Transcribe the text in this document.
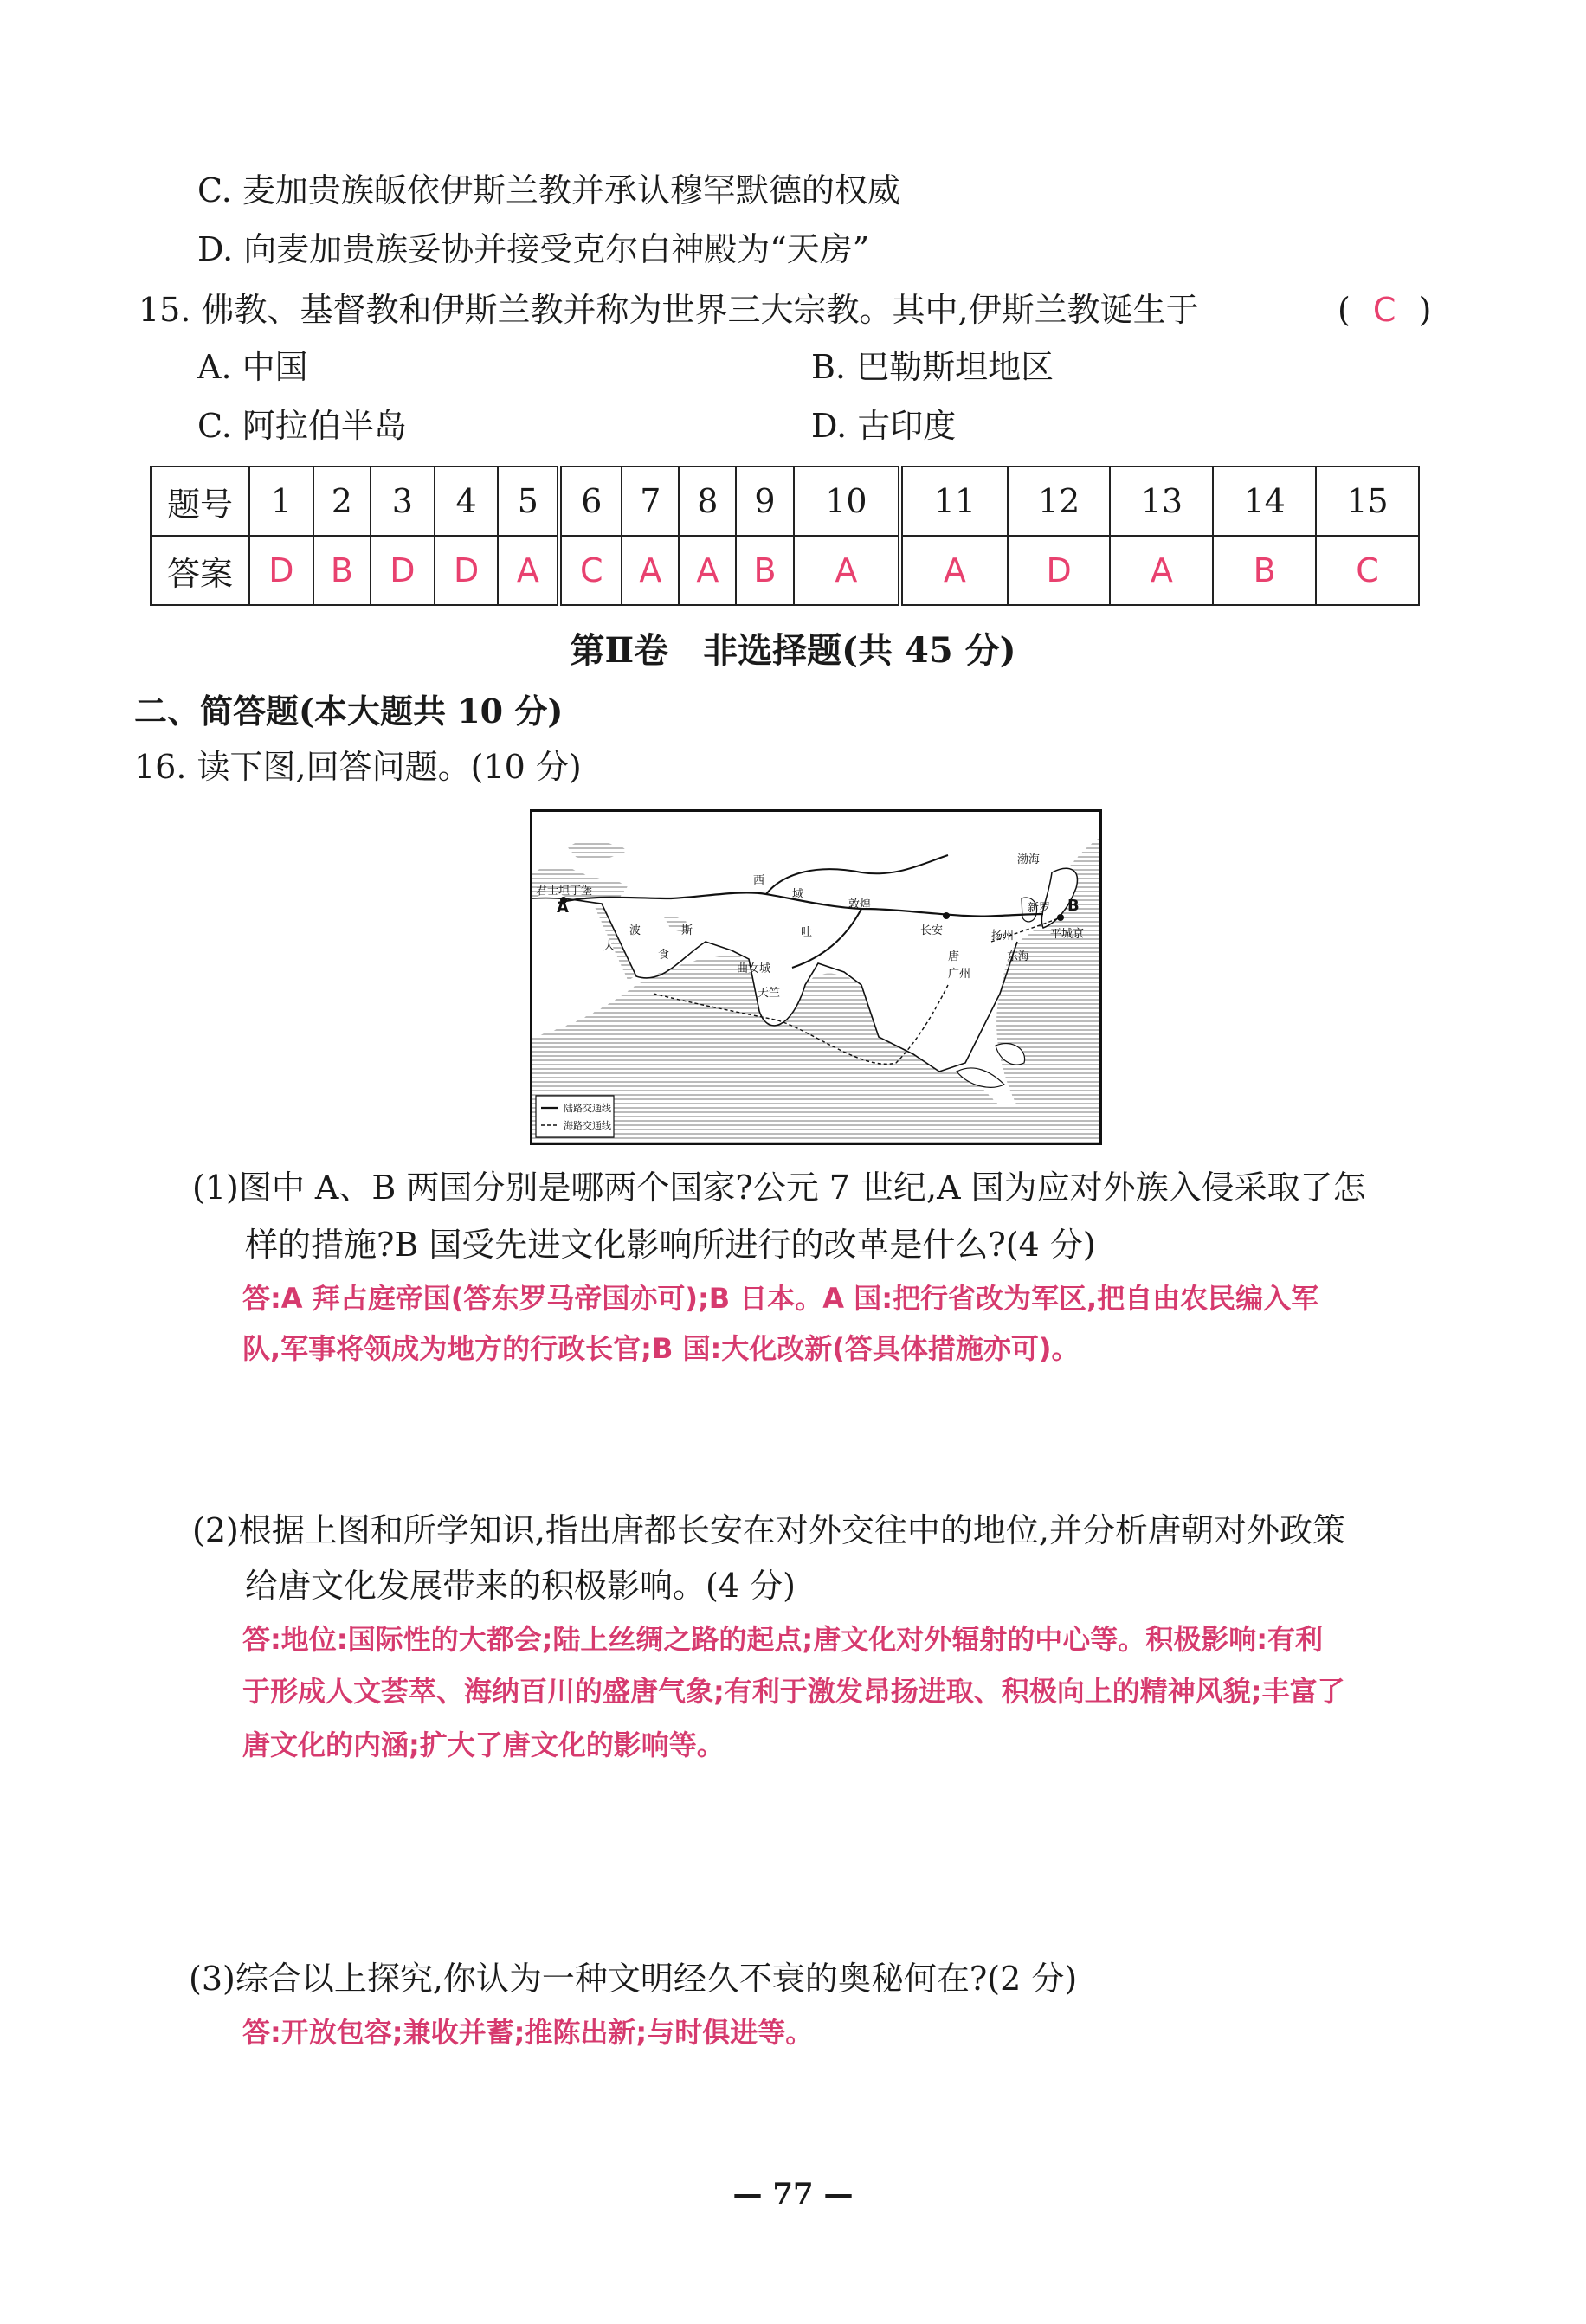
C. 麦加贵族皈依伊斯兰教并承认穆罕默德的权威
D. 向麦加贵族妥协并接受克尔白神殿为“天房”
15. 佛教、基督教和伊斯兰教并称为世界三大宗教。其中,伊斯兰教诞生于	( C )
A. 中国	B. 巴勒斯坦地区
C. 阿拉伯半岛	D. 古印度
题号	1	2	3	4	5	6	7	8	9	10	11	12	13	14	15
答案	D	B	D	D	A	C	A	A	B	A	A	D	A	B	C
第Ⅱ卷　非选择题(共 45 分)
二、简答题(本大题共 10 分)
16. 读下图,回答问题。(10 分)
君士坦丁堡
A	B
西
域
波	斯
大
食
敦煌
吐
曲女城
天竺
长安
唐
扬州
广州
新罗
平城京
渤海
东海
陆路交通线
海路交通线
(1)图中 A、B 两国分别是哪两个国家?公元 7 世纪,A 国为应对外族入侵采取了怎
样的措施?B 国受先进文化影响所进行的改革是什么?(4 分)
答:A 拜占庭帝国(答东罗马帝国亦可);B 日本。A 国:把行省改为军区,把自由农民编入军
队,军事将领成为地方的行政长官;B 国:大化改新(答具体措施亦可)。
(2)根据上图和所学知识,指出唐都长安在对外交往中的地位,并分析唐朝对外政策
给唐文化发展带来的积极影响。(4 分)
答:地位:国际性的大都会;陆上丝绸之路的起点;唐文化对外辐射的中心等。积极影响:有利
于形成人文荟萃、海纳百川的盛唐气象;有利于激发昂扬进取、积极向上的精神风貌;丰富了
唐文化的内涵;扩大了唐文化的影响等。
(3)综合以上探究,你认为一种文明经久不衰的奥秘何在?(2 分)
答:开放包容;兼收并蓄;推陈出新;与时俱进等。
— 77 —
